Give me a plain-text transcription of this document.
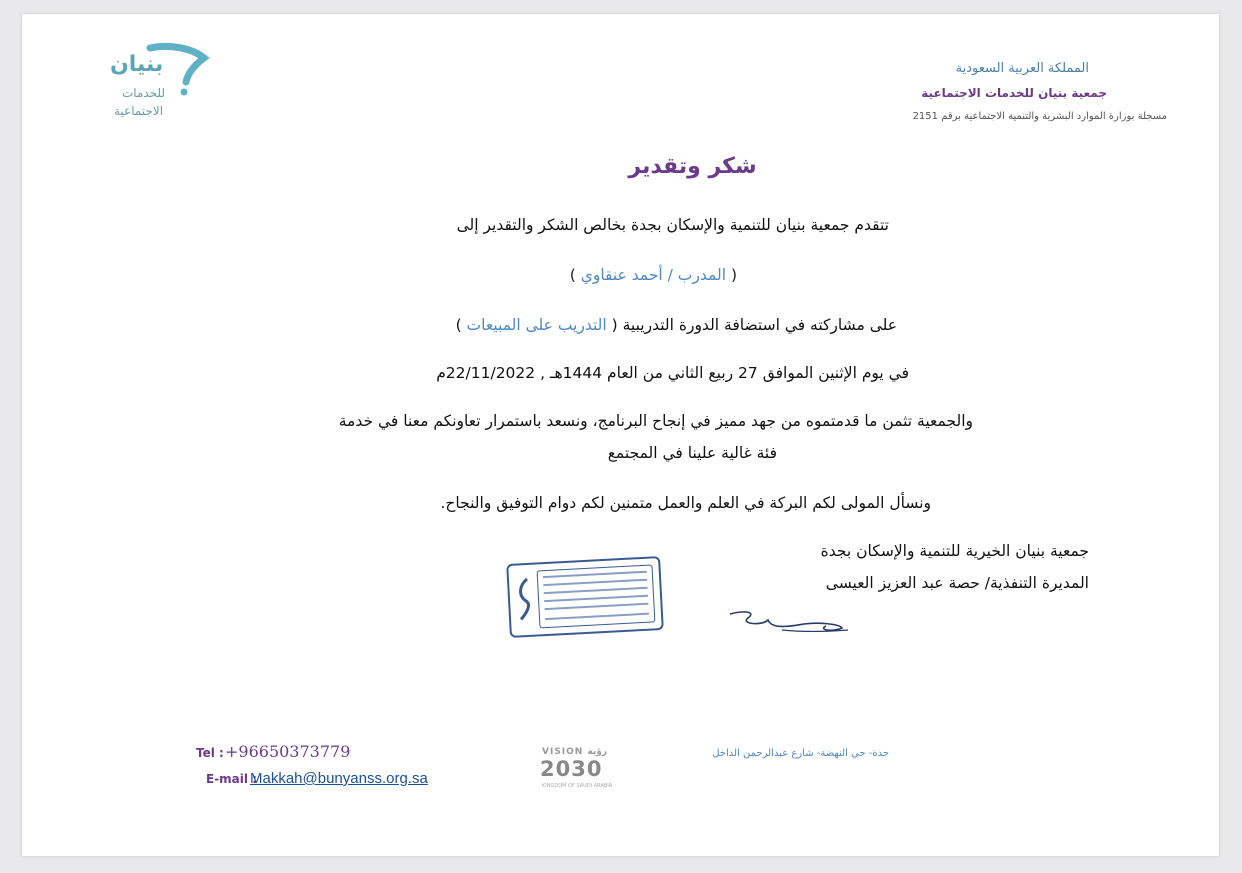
بنيان
للخدمات
الاجتماعية
المملكة العربية السعودية
جمعية بنيان للخدمات الاجتماعية
مسجلة بوزارة الموارد البشرية والتنمية الاجتماعية برقم 2151
شكر وتقدير
تتقدم جمعية بنيان للتنمية والإسكان بجدة بخالص الشكر والتقدير إلى
( المدرب / أحمد عنقاوي )
على مشاركته في استضافة الدورة التدريبية ( التدريب على المبيعات )
في يوم الإثنين الموافق 27 ربيع الثاني من العام 1444هـ , 22/11/2022م
والجمعية تثمن ما قدمتموه من جهد مميز في إنجاح البرنامج، ونسعد باستمرار تعاونكم معنا في خدمة
فئة غالية علينا في المجتمع
ونسأل المولى لكم البركة في العلم والعمل متمنين لكم دوام التوفيق والنجاح.
جمعية بنيان الخيرية للتنمية والإسكان بجدة
المديرة التنفذية/ حصة عبد العزيز العيسى
Tel : +96650373779
E-mail :
Makkah@bunyanss.org.sa
VISION رؤية
2030
KINGDOM OF SAUDI ARABIA
جدة- حي النهضة- شارع عبدالرحمن الداخل
